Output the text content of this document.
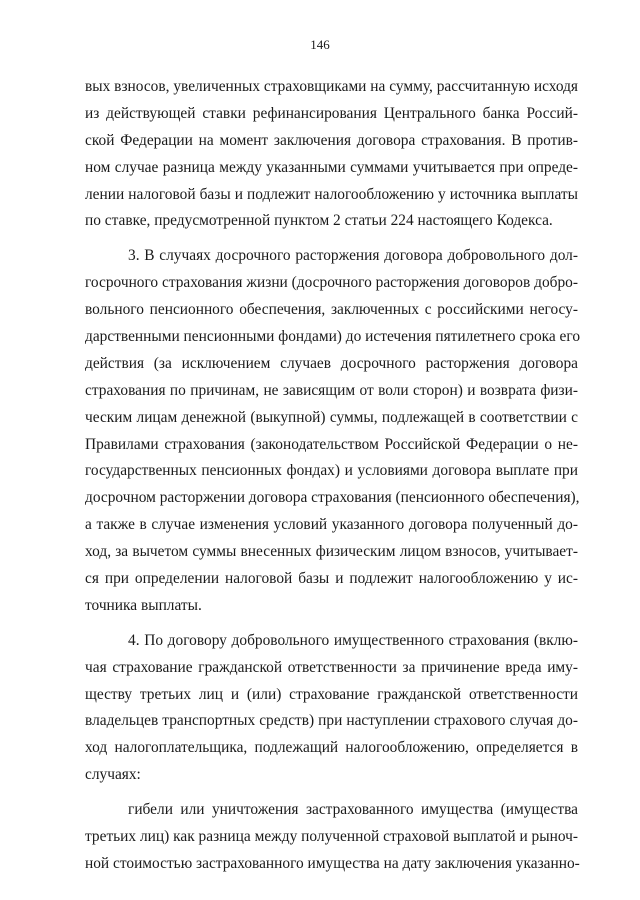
146
вых взносов, увеличенных страховщиками на сумму, рассчитанную исходя
из действующей ставки рефинансирования Центрального банка Россий-
ской Федерации на момент заключения договора страхования. В против-
ном случае разница между указанными суммами учитывается при опреде-
лении налоговой базы и подлежит налогообложению у источника выплаты
по ставке, предусмотренной пунктом 2 статьи 224 настоящего Кодекса.
3. В случаях досрочного расторжения договора добровольного дол-
госрочного страхования жизни (досрочного расторжения договоров добро-
вольного пенсионного обеспечения, заключенных с российскими негосу-
дарственными пенсионными фондами) до истечения пятилетнего срока его
действия (за исключением случаев досрочного расторжения договора
страхования по причинам, не зависящим от воли сторон) и возврата физи-
ческим лицам денежной (выкупной) суммы, подлежащей в соответствии с
Правилами страхования (законодательством Российской Федерации о не-
государственных пенсионных фондах) и условиями договора выплате при
досрочном расторжении договора страхования (пенсионного обеспечения),
а также в случае изменения условий указанного договора полученный до-
ход, за вычетом суммы внесенных физическим лицом взносов, учитывает-
ся при определении налоговой базы и подлежит налогообложению у ис-
точника выплаты.
4. По договору добровольного имущественного страхования (вклю-
чая страхование гражданской ответственности за причинение вреда иму-
ществу третьих лиц и (или) страхование гражданской ответственности
владельцев транспортных средств) при наступлении страхового случая до-
ход налогоплательщика, подлежащий налогообложению, определяется в
случаях:
гибели или уничтожения застрахованного имущества (имущества
третьих лиц) как разница между полученной страховой выплатой и рыноч-
ной стоимостью застрахованного имущества на дату заключения указанно-
